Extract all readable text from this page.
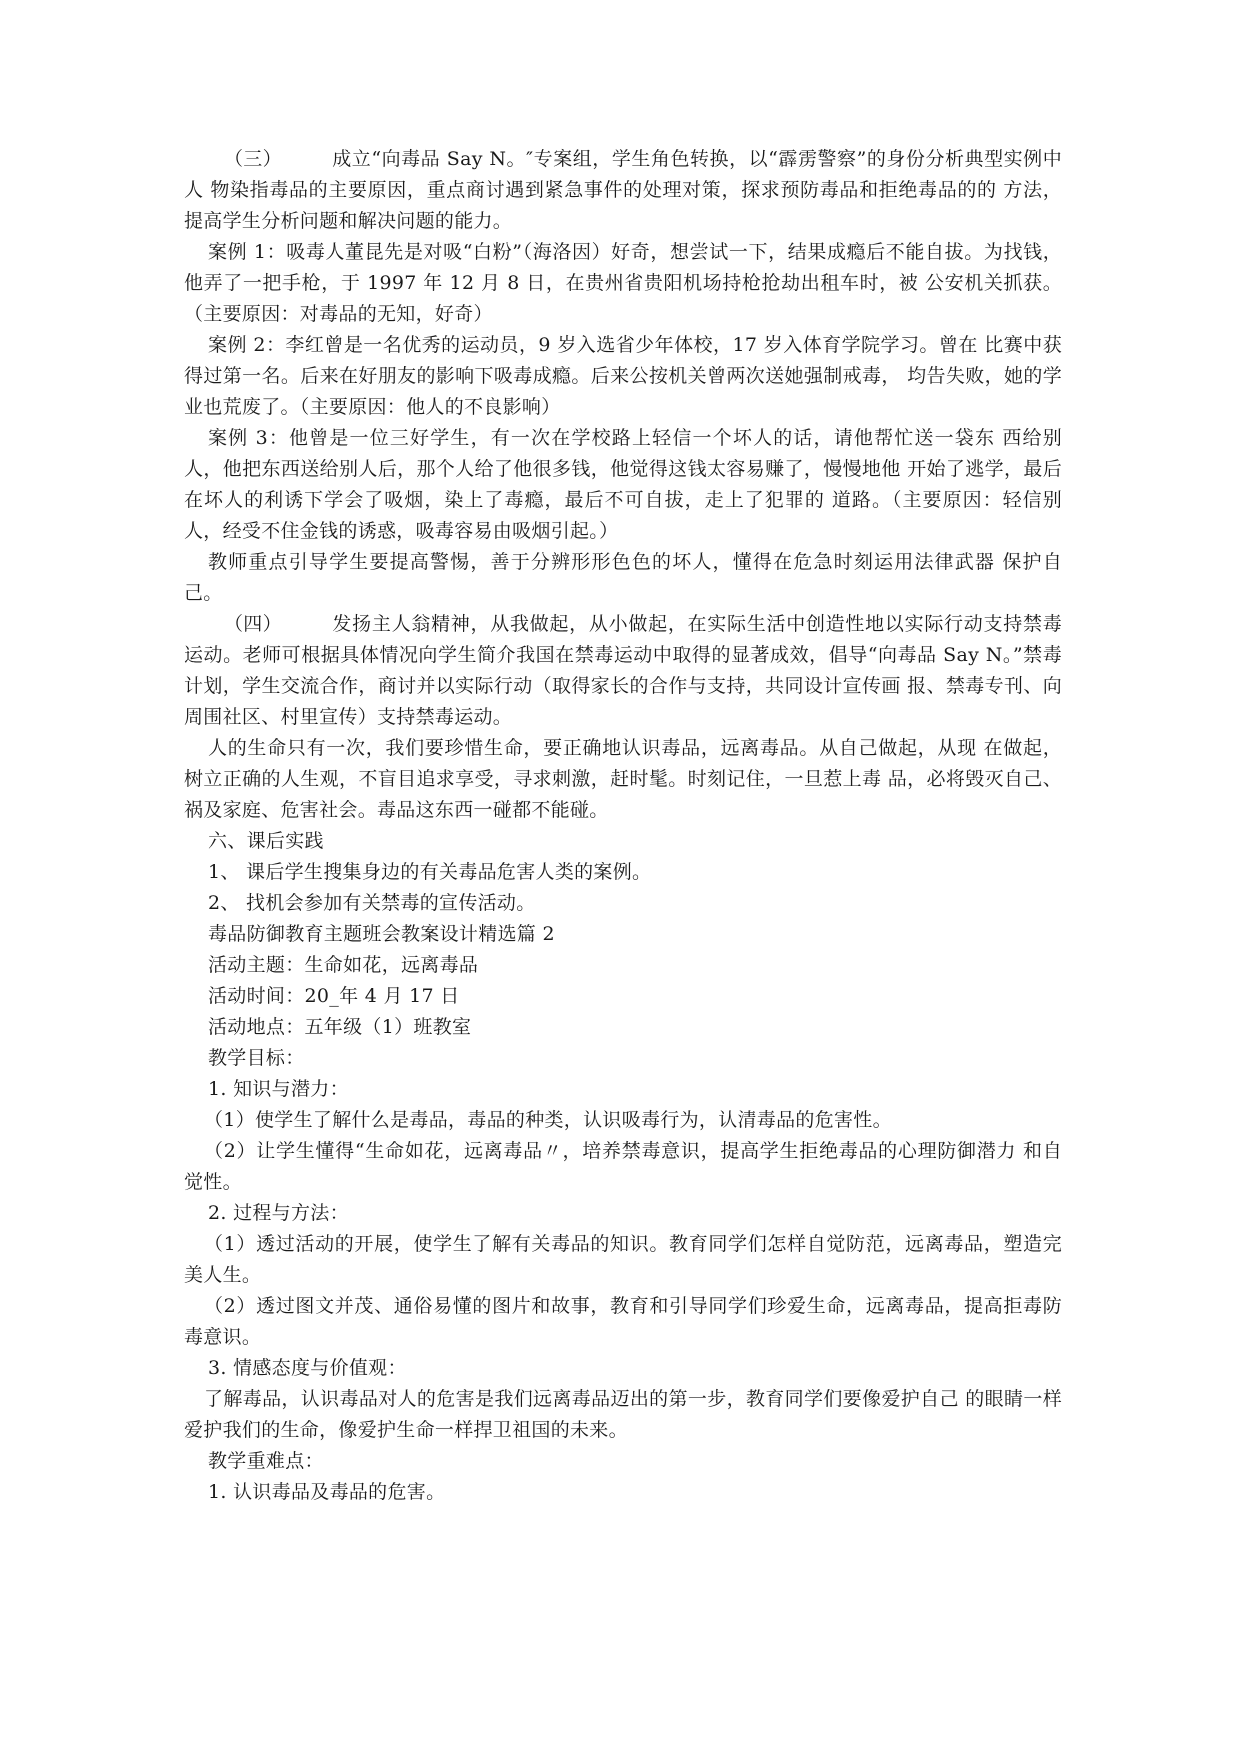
（三）	成立“向毒品 Say N。″专案组，学生角色转换，以“霹雳警察”的身份分析典型实例中人 物染指毒品的主要原因，重点商讨遇到紧急事件的处理对策，探求预防毒品和拒绝毒品的的 方法，提高学生分析问题和解决问题的能力。

案例 1：吸毒人董昆先是对吸“白粉”（海洛因）好奇，想尝试一下，结果成瘾后不能自拔。为找钱，他弄了一把手枪，于 1997 年 12 月 8 日，在贵州省贵阳机场持枪抢劫出租车时，被 公安机关抓获。（主要原因：对毒品的无知，好奇）

案例 2：李红曾是一名优秀的运动员，9 岁入选省少年体校，17 岁入体育学院学习。曾在 比赛中获得过第一名。后来在好朋友的影响下吸毒成瘾。后来公按机关曾两次送她强制戒毒， 均告失败，她的学业也荒废了。（主要原因：他人的不良影响）

案例 3：他曾是一位三好学生，有一次在学校路上轻信一个坏人的话，请他帮忙送一袋东 西给别人，他把东西送给别人后，那个人给了他很多钱，他觉得这钱太容易赚了，慢慢地他 开始了逃学，最后在坏人的利诱下学会了吸烟，染上了毒瘾，最后不可自拔，走上了犯罪的 道路。（主要原因：轻信别人，经受不住金钱的诱惑，吸毒容易由吸烟引起。）

教师重点引导学生要提高警惕，善于分辨形形色色的坏人，懂得在危急时刻运用法律武器 保护自己。

（四）	发扬主人翁精神，从我做起，从小做起，在实际生活中创造性地以实际行动支持禁毒 运动。老师可根据具体情况向学生简介我国在禁毒运动中取得的显著成效，倡导“向毒品 Say N。”禁毒计划，学生交流合作，商讨并以实际行动（取得家长的合作与支持，共同设计宣传画 报、禁毒专刊、向周围社区、村里宣传）支持禁毒运动。

人的生命只有一次，我们要珍惜生命，要正确地认识毒品，远离毒品。从自己做起，从现 在做起，树立正确的人生观，不盲目追求享受，寻求刺激，赶时髦。时刻记住，一旦惹上毒 品，必将毁灭自己、祸及家庭、危害社会。毒品这东西一碰都不能碰。

六、课后实践

1、 课后学生搜集身边的有关毒品危害人类的案例。

2、 找机会参加有关禁毒的宣传活动。

毒品防御教育主题班会教案设计精选篇 2

活动主题：生命如花，远离毒品

活动时间：20_年 4 月 17 日

活动地点：五年级（1）班教室

教学目标：

1. 知识与潜力：

（1）使学生了解什么是毒品，毒品的种类，认识吸毒行为，认清毒品的危害性。

（2）让学生懂得“生命如花，远离毒品〃，培养禁毒意识，提高学生拒绝毒品的心理防御潜力 和自觉性。

2. 过程与方法：

（1）透过活动的开展，使学生了解有关毒品的知识。教育同学们怎样自觉防范，远离毒品，塑造完美人生。

（2）透过图文并茂、通俗易懂的图片和故事，教育和引导同学们珍爱生命，远离毒品，提高拒毒防毒意识。

3. 情感态度与价值观：

了解毒品，认识毒品对人的危害是我们远离毒品迈出的第一步，教育同学们要像爱护自己 的眼睛一样爱护我们的生命，像爱护生命一样捍卫祖国的未来。

教学重难点：

1. 认识毒品及毒品的危害。
